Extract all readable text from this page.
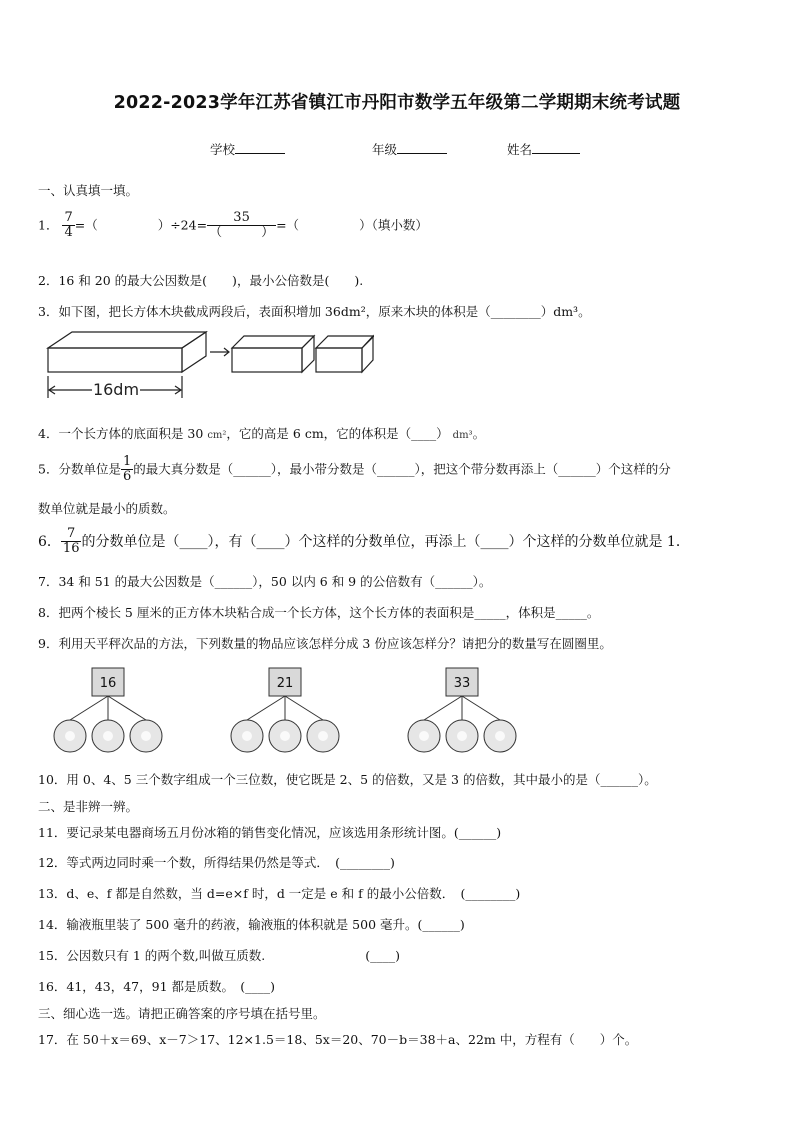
2022-2023学年江苏省镇江市丹阳市数学五年级第二学期期末统考试题
学校	年级	姓名
一、认真填一填。
1． $\frac{7}{4}$ =（	）$\div 24= \frac{35}{( )}$ =（	）（填小数）
2．16 和 20 的最大公因数是(　　)，最小公倍数是(　　).
3．如下图，把长方体木块截成两段后，表面积增加 36dm²，原来木块的体积是（________）dm³。
16dm
4．一个长方体的底面积是 30 cm²，它的高是 6 cm，它的体积是（____） dm³。
5．分数单位是 $\frac{1}{6}$ 的最大真分数是（______），最小带分数是（______），把这个带分数再添上（______）个这样的分
数单位就是最小的质数。
6． $\frac{7}{16}$ 的分数单位是（____），有（____）个这样的分数单位，再添上（____）个这样的分数单位就是 1．
7．34 和 51 的最大公因数是（______），50 以内 6 和 9 的公倍数有（______）。
8．把两个棱长 5 厘米的正方体木块粘合成一个长方体，这个长方体的表面积是_____，体积是_____。
9．利用天平秤次品的方法，下列数量的物品应该怎样分成 3 份应该怎样分？请把分的数量写在圆圈里。
16	21	33
10．用 0、4、5 三个数字组成一个三位数，使它既是 2、5 的倍数，又是 3 的倍数，其中最小的是（______）。
二、是非辨一辨。
11．要记录某电器商场五月份冰箱的销售变化情况，应该选用条形统计图。(______)
12．等式两边同时乘一个数，所得结果仍然是等式．　(________)
13．d、e、f 都是自然数，当 d=e×f 时，d 一定是 e 和 f 的最小公倍数．　(________)
14．输液瓶里装了 500 毫升的药液，输液瓶的体积就是 500 毫升。(______)
15．公因数只有 1 的两个数,叫做互质数.　　　　　　　　(____)
16．41，43，47，91 都是质数。　(____)
三、细心选一选。请把正确答案的序号填在括号里。
17．在 50＋x＝69、x－7＞17、12×1.5＝18、5x＝20、70－b＝38＋a、22m 中，方程有（　　）个。
